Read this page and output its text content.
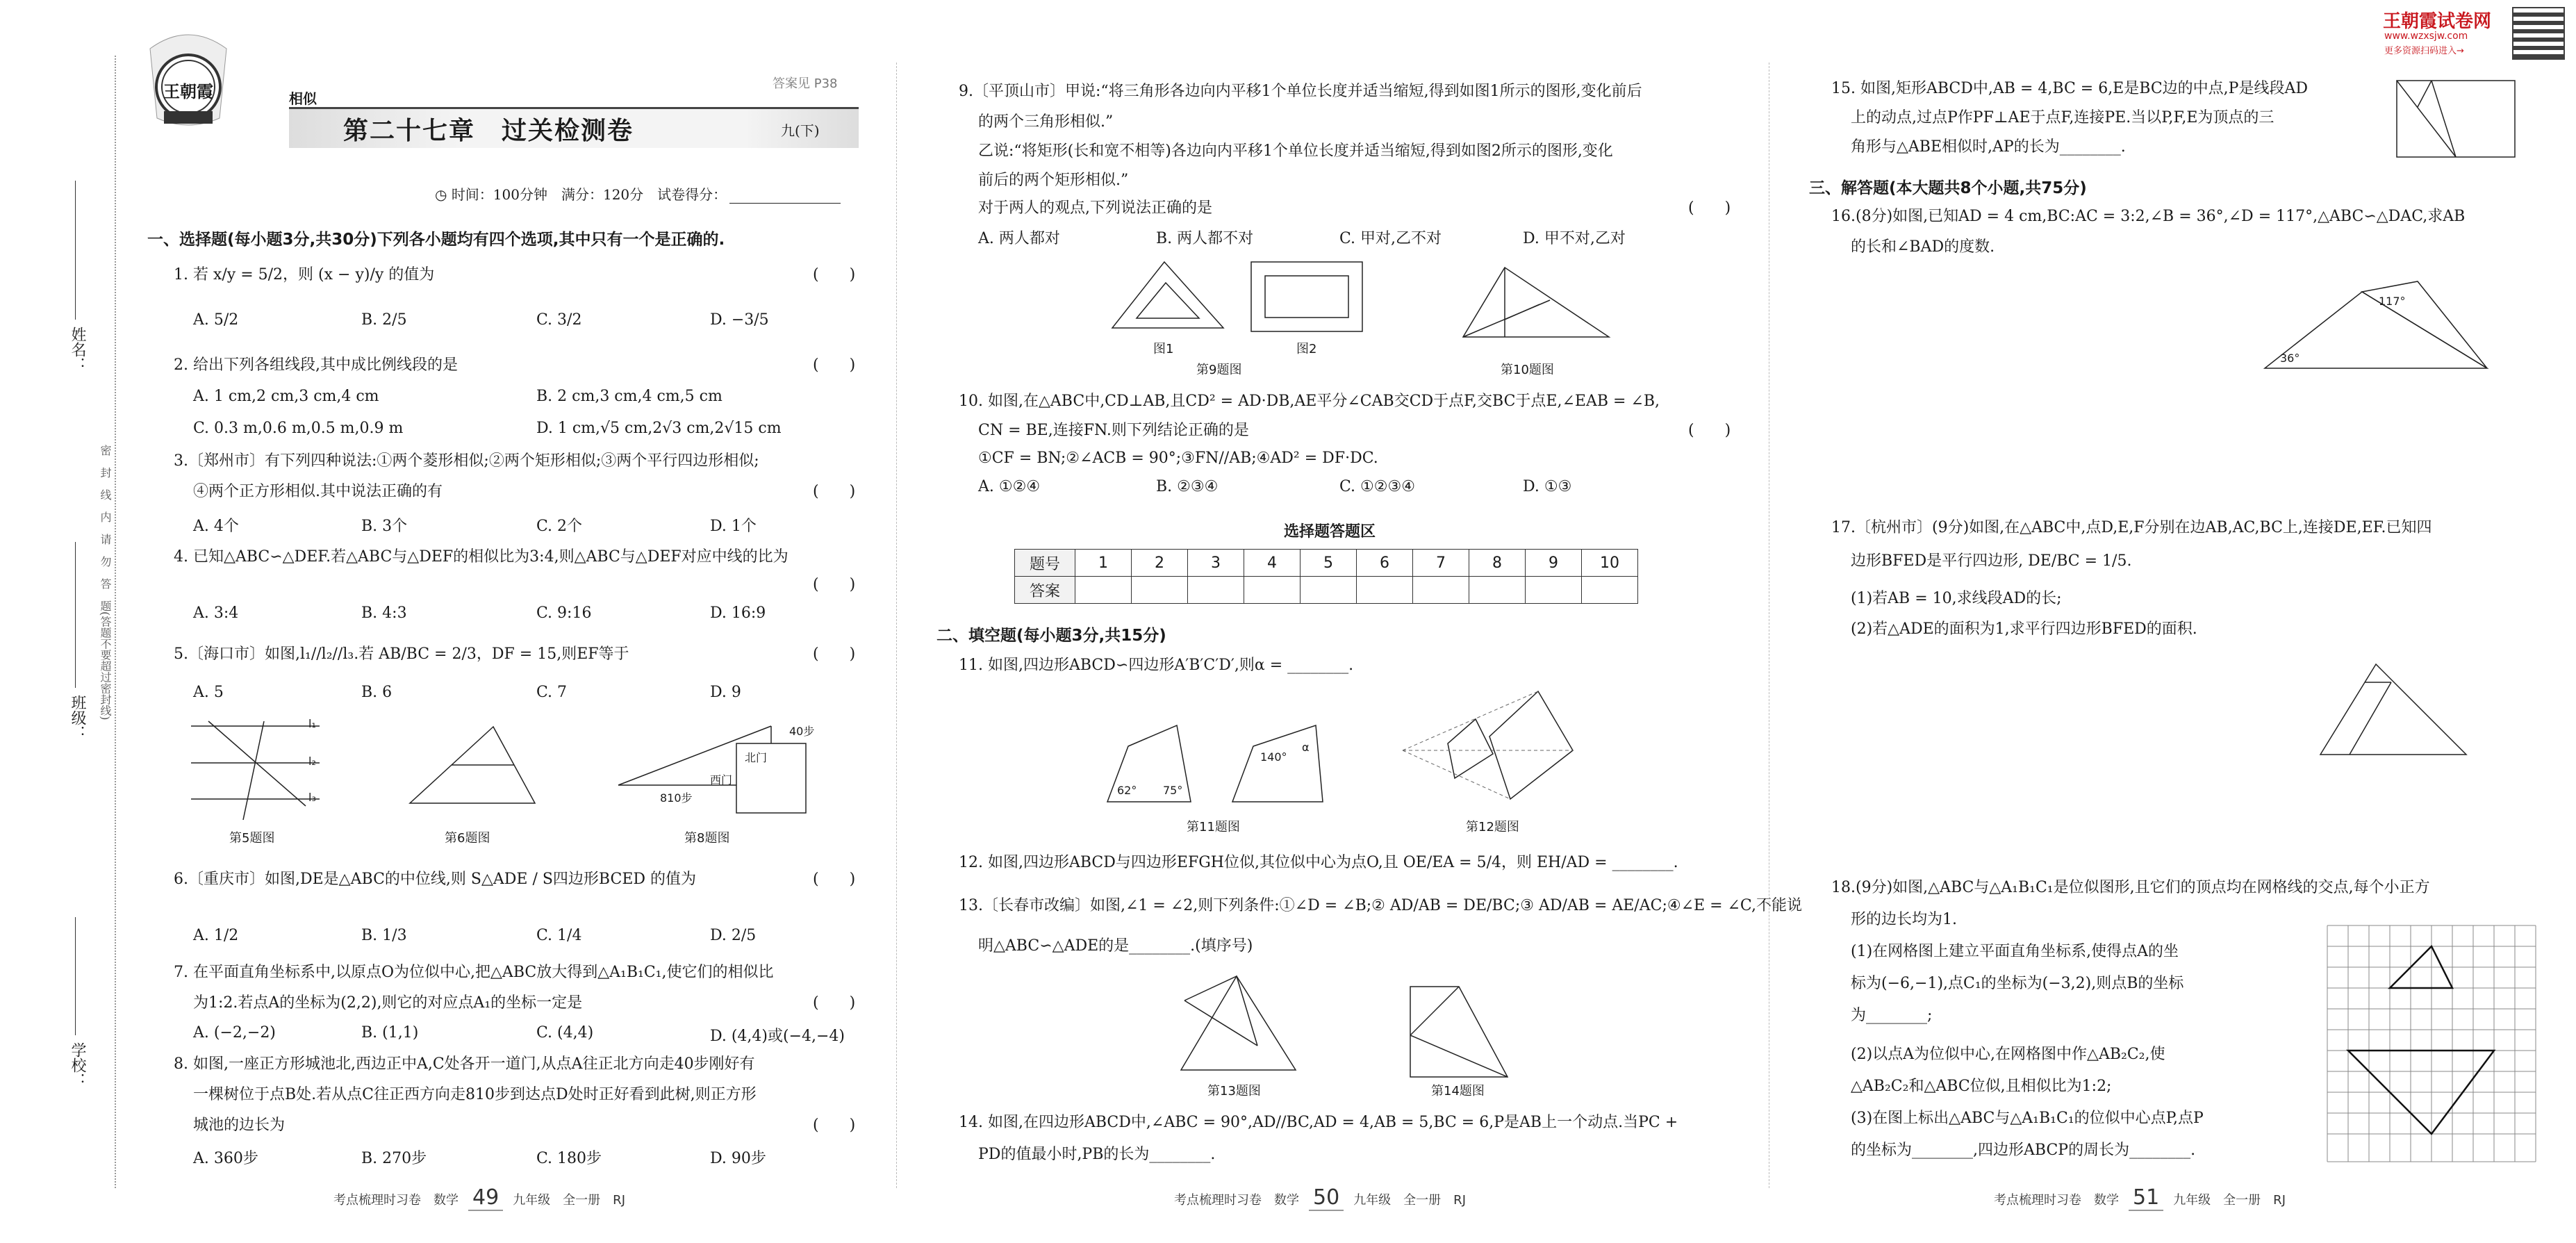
姓名：
班级：
学校：
密　封　线　内　请　勿　答　题
(答题不要超过密封线)
王朝霞	相似
答案见 P38
第二十七章　过关检测卷	九(下)
◷ 时间：100分钟　满分：120分　试卷得分：
王朝霞试卷网
www.wzxsjw.com
更多资源扫码进入→
一、选择题(每小题3分,共30分)下列各小题均有四个选项,其中只有一个是正确的.
1. 若 x/y = 5/2，则 (x − y)/y 的值为	(　　)
A. 5/2	B. 2/5	C. 3/2	D. −3/5
2. 给出下列各组线段,其中成比例线段的是	(　　)
A. 1 cm,2 cm,3 cm,4 cm	B. 2 cm,3 cm,4 cm,5 cm
C. 0.3 m,0.6 m,0.5 m,0.9 m	D. 1 cm,√5 cm,2√3 cm,2√15 cm
3.〔郑州市〕有下列四种说法:①两个菱形相似;②两个矩形相似;③两个平行四边形相似;
④两个正方形相似.其中说法正确的有	(　　)
A. 4个	B. 3个	C. 2个	D. 1个
4. 已知△ABC∽△DEF.若△ABC与△DEF的相似比为3:4,则△ABC与△DEF对应中线的比为
(　　)
A. 3:4	B. 4:3	C. 9:16	D. 16:9
5.〔海口市〕如图,l₁//l₂//l₃.若 AB/BC = 2/3，DF = 15,则EF等于	(　　)
A. 5	B. 6	C. 7	D. 9
l₁
l₂
l₃
第5题图	第6题图
40步
810步
西门
北门
第8题图
6.〔重庆市〕如图,DE是△ABC的中位线,则 S△ADE / S四边形BCED 的值为	(　　)
A. 1/2	B. 1/3	C. 1/4	D. 2/5
7. 在平面直角坐标系中,以原点O为位似中心,把△ABC放大得到△A₁B₁C₁,使它们的相似比
为1:2.若点A的坐标为(2,2),则它的对应点A₁的坐标一定是	(　　)
A. (−2,−2)	B. (1,1)	C. (4,4)	D. (4,4)或(−4,−4)
8. 如图,一座正方形城池北,西边正中A,C处各开一道门,从点A往正北方向走40步刚好有
一棵树位于点B处.若从点C往正西方向走810步到达点D处时正好看到此树,则正方形
城池的边长为	(　　)
A. 360步	B. 270步	C. 180步	D. 90步
考点梳理时习卷　数学 49 九年级　全一册　RJ
9.〔平顶山市〕甲说:“将三角形各边向内平移1个单位长度并适当缩短,得到如图1所示的图形,变化前后
的两个三角形相似.”
乙说:“将矩形(长和宽不相等)各边向内平移1个单位长度并适当缩短,得到如图2所示的图形,变化
前后的两个矩形相似.”
对于两人的观点,下列说法正确的是	(　　)
A. 两人都对	B. 两人都不对	C. 甲对,乙不对	D. 甲不对,乙对
图1	图2
第9题图	第10题图
10. 如图,在△ABC中,CD⊥AB,且CD² = AD·DB,AE平分∠CAB交CD于点F,交BC于点E,∠EAB = ∠B,
CN = BE,连接FN.则下列结论正确的是	(　　)
①CF = BN;②∠ACB = 90°;③FN//AB;④AD² = DF·DC.
A. ①②④	B. ②③④	C. ①②③④	D. ①③
选择题答题区
题号	1	2	3	4	5	6	7	8	9	10
答案										
二、填空题(每小题3分,共15分)
11. 如图,四边形ABCD∽四边形A′B′C′D′,则α = ________.
62° 75°
140°
α
第11题图	第12题图
12. 如图,四边形ABCD与四边形EFGH位似,其位似中心为点O,且 OE/EA = 5/4，则 EH/AD = ________.
13.〔长春市改编〕如图,∠1 = ∠2,则下列条件:①∠D = ∠B;② AD/AB = DE/BC;③ AD/AB = AE/AC;④∠E = ∠C,不能说
明△ABC∽△ADE的是________.(填序号)
第13题图	第14题图
14. 如图,在四边形ABCD中,∠ABC = 90°,AD//BC,AD = 4,AB = 5,BC = 6,P是AB上一个动点.当PC +
PD的值最小时,PB的长为________.
考点梳理时习卷　数学 50 九年级　全一册　RJ
15. 如图,矩形ABCD中,AB = 4,BC = 6,E是BC边的中点,P是线段AD
上的动点,过点P作PF⊥AE于点F,连接PE.当以P,F,E为顶点的三
角形与△ABE相似时,AP的长为________.
三、解答题(本大题共8个小题,共75分)
16.(8分)如图,已知AD = 4 cm,BC:AC = 3:2,∠B = 36°,∠D = 117°,△ABC∽△DAC,求AB
的长和∠BAD的度数.
117°
36°
17.〔杭州市〕(9分)如图,在△ABC中,点D,E,F分别在边AB,AC,BC上,连接DE,EF.已知四
边形BFED是平行四边形, DE/BC = 1/5.
(1)若AB = 10,求线段AD的长;
(2)若△ADE的面积为1,求平行四边形BFED的面积.
18.(9分)如图,△ABC与△A₁B₁C₁是位似图形,且它们的顶点均在网格线的交点,每个小正方
形的边长均为1.
(1)在网格图上建立平面直角坐标系,使得点A的坐
标为(−6,−1),点C₁的坐标为(−3,2),则点B的坐标
为________;
(2)以点A为位似中心,在网格图中作△AB₂C₂,使
△AB₂C₂和△ABC位似,且相似比为1:2;
(3)在图上标出△ABC与△A₁B₁C₁的位似中心点P,点P
的坐标为________,四边形ABCP的周长为________.
考点梳理时习卷　数学 51 九年级　全一册　RJ
